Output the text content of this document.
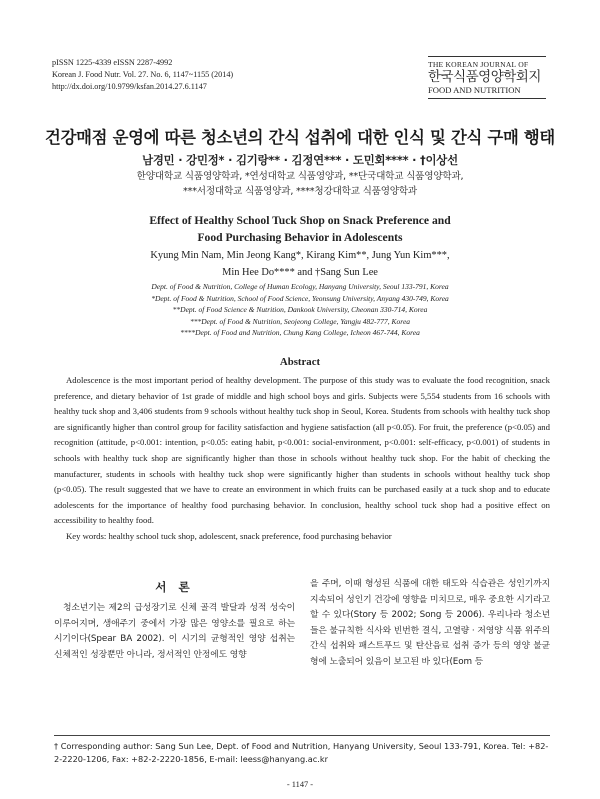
pISSN 1225-4339 eISSN 2287-4992
Korean J. Food Nutr. Vol. 27. No. 6, 1147~1155 (2014)
http://dx.doi.org/10.9799/ksfan.2014.27.6.1147
THE KOREAN JOURNAL OF
한국식품영양학회지
FOOD AND NUTRITION
건강매점 운영에 따른 청소년의 간식 섭취에 대한 인식 및 간식 구매 행태
남경민 · 강민정* · 김기랑** · 김정연*** · 도민회**** · †이상선
한양대학교 식품영양학과, *연성대학교 식품영양과, **단국대학교 식품영양학과,
***서정대학교 식품영양과, ****청강대학교 식품영양학과
Effect of Healthy School Tuck Shop on Snack Preference and
Food Purchasing Behavior in Adolescents
Kyung Min Nam, Min Jeong Kang*, Kirang Kim**, Jung Yun Kim***,
Min Hee Do**** and †Sang Sun Lee
Dept. of Food & Nutrition, College of Human Ecology, Hanyang University, Seoul 133-791, Korea
*Dept. of Food & Nutrition, School of Food Science, Yeonsung University, Anyang 430-749, Korea
**Dept. of Food Science & Nutrition, Dankook University, Cheonan 330-714, Korea
***Dept. of Food & Nutrition, Seojeong College, Yangju 482-777, Korea
****Dept. of Food and Nutrition, Chung Kang College, Icheon 467-744, Korea
Abstract
Adolescence is the most important period of healthy development. The purpose of this study was to evaluate the food recognition, snack preference, and dietary behavior of 1st grade of middle and high school boys and girls. Subjects were 5,554 students from 16 schools with healthy tuck shop and 3,406 students from 9 schools without healthy tuck shop in Seoul, Korea. Students from schools with healthy tuck shop are significantly higher than control group for facility satisfaction and hygiene satisfaction (all p<0.05). For fruit, the preference (p<0.05) and recognition (attitude, p<0.001: intention, p<0.05: eating habit, p<0.001: social-environment, p<0.001: self-efficacy, p<0.001) of students in schools with healthy tuck shop are significantly higher than those in schools without healthy tuck shop. For the habit of checking the manufacturer, students in schools with healthy tuck shop were significantly higher than students in schools without healthy tuck shop (p<0.05). The result suggested that we have to create an environment in which fruits can be purchased easily at a tuck shop and to educate adolescents for the importance of healthy food purchasing behavior. In conclusion, healthy school tuck shop had a positive effect on accessibility to healthy food.
Key words: healthy school tuck shop, adolescent, snack preference, food purchasing behavior
서 론
청소년기는 제2의 급성장기로 신체 골격 발달과 성적 성숙이 이루어지며, 생애주기 중에서 가장 많은 영양소를 필요로 하는 시기이다(Spear BA 2002). 이 시기의 균형적인 영양 섭취는 신체적인 성장뿐만 아니라, 정서적인 안정에도 영향
을 주며, 이때 형성된 식품에 대한 태도와 식습관은 성인기까지 지속되어 성인기 건강에 영향을 미치므로, 매우 중요한 시기라고 할 수 있다(Story 등 2002; Song 등 2006). 우리나라 청소년들은 불규칙한 식사와 빈번한 결식, 고열량 · 저영양 식품 위주의 간식 섭취와 패스트푸드 및 탄산음료 섭취 증가 등의 영양 불균형에 노출되어 있음이 보고된 바 있다(Eom 등
† Corresponding author: Sang Sun Lee, Dept. of Food and Nutrition, Hanyang University, Seoul 133-791, Korea. Tel: +82-2-2220-1206, Fax: +82-2-2220-1856, E-mail: leess@hanyang.ac.kr
- 1147 -
